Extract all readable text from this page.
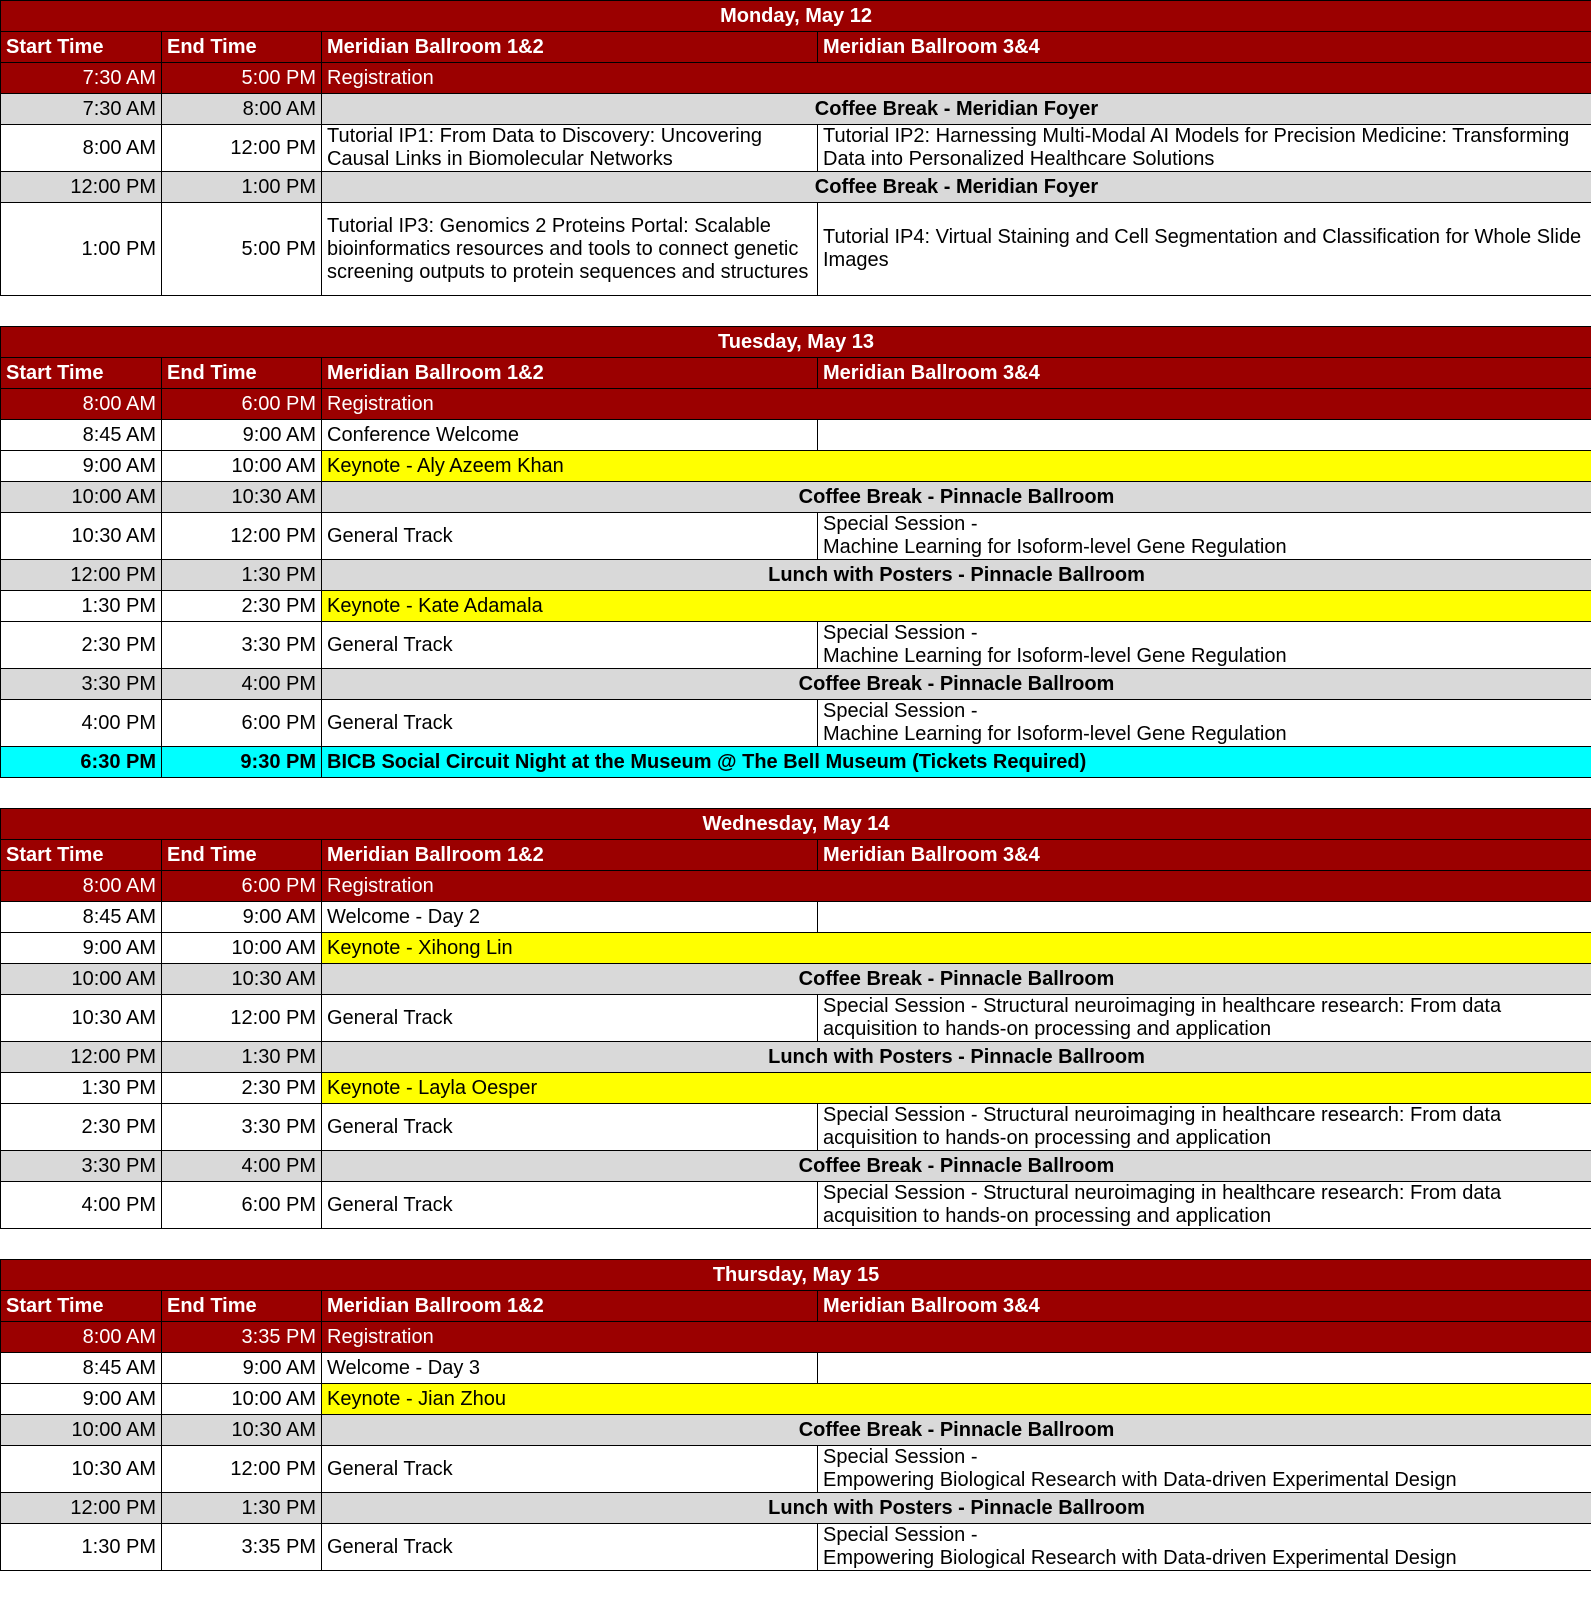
Monday, May 12			
Start Time	End Time	Meridian Ballroom 1&2	Meridian Ballroom 3&4
7:30 AM	5:00 PM	Registration	
7:30 AM	8:00 AM	Coffee Break - Meridian Foyer	
8:00 AM	12:00 PM	Tutorial IP1: From Data to Discovery: Uncovering Causal Links in Biomolecular Networks	Tutorial IP2: Harnessing Multi-Modal AI Models for Precision Medicine: Transforming Data into Personalized Healthcare Solutions
12:00 PM	1:00 PM	Coffee Break - Meridian Foyer	
1:00 PM	5:00 PM	Tutorial IP3: Genomics 2 Proteins Portal: Scalable bioinformatics resources and tools to connect genetic screening outputs to protein sequences and structures	Tutorial IP4: Virtual Staining and Cell Segmentation and Classification for Whole Slide Images
Tuesday, May 13			
Start Time	End Time	Meridian Ballroom 1&2	Meridian Ballroom 3&4
8:00 AM	6:00 PM	Registration	
8:45 AM	9:00 AM	Conference Welcome	
9:00 AM	10:00 AM	Keynote - Aly Azeem Khan	
10:00 AM	10:30 AM	Coffee Break - Pinnacle Ballroom	
10:30 AM	12:00 PM	General Track	Special Session -
Machine Learning for Isoform-level Gene Regulation
12:00 PM	1:30 PM	Lunch with Posters - Pinnacle Ballroom	
1:30 PM	2:30 PM	Keynote - Kate Adamala	
2:30 PM	3:30 PM	General Track	Special Session -
Machine Learning for Isoform-level Gene Regulation
3:30 PM	4:00 PM	Coffee Break - Pinnacle Ballroom	
4:00 PM	6:00 PM	General Track	Special Session -
Machine Learning for Isoform-level Gene Regulation
6:30 PM	9:30 PM	BICB Social Circuit Night at the Museum @ The Bell Museum (Tickets Required)	
Wednesday, May 14			
Start Time	End Time	Meridian Ballroom 1&2	Meridian Ballroom 3&4
8:00 AM	6:00 PM	Registration	
8:45 AM	9:00 AM	Welcome - Day 2	
9:00 AM	10:00 AM	Keynote - Xihong Lin	
10:00 AM	10:30 AM	Coffee Break - Pinnacle Ballroom	
10:30 AM	12:00 PM	General Track	Special Session - Structural neuroimaging in healthcare research: From data acquisition to hands-on processing and application
12:00 PM	1:30 PM	Lunch with Posters - Pinnacle Ballroom	
1:30 PM	2:30 PM	Keynote - Layla Oesper	
2:30 PM	3:30 PM	General Track	Special Session - Structural neuroimaging in healthcare research: From data acquisition to hands-on processing and application
3:30 PM	4:00 PM	Coffee Break - Pinnacle Ballroom	
4:00 PM	6:00 PM	General Track	Special Session - Structural neuroimaging in healthcare research: From data acquisition to hands-on processing and application
Thursday, May 15			
Start Time	End Time	Meridian Ballroom 1&2	Meridian Ballroom 3&4
8:00 AM	3:35 PM	Registration	
8:45 AM	9:00 AM	Welcome - Day 3	
9:00 AM	10:00 AM	Keynote - Jian Zhou	
10:00 AM	10:30 AM	Coffee Break - Pinnacle Ballroom	
10:30 AM	12:00 PM	General Track	Special Session -
Empowering Biological Research with Data-driven Experimental Design
12:00 PM	1:30 PM	Lunch with Posters - Pinnacle Ballroom	
1:30 PM	3:35 PM	General Track	Special Session -
Empowering Biological Research with Data-driven Experimental Design
